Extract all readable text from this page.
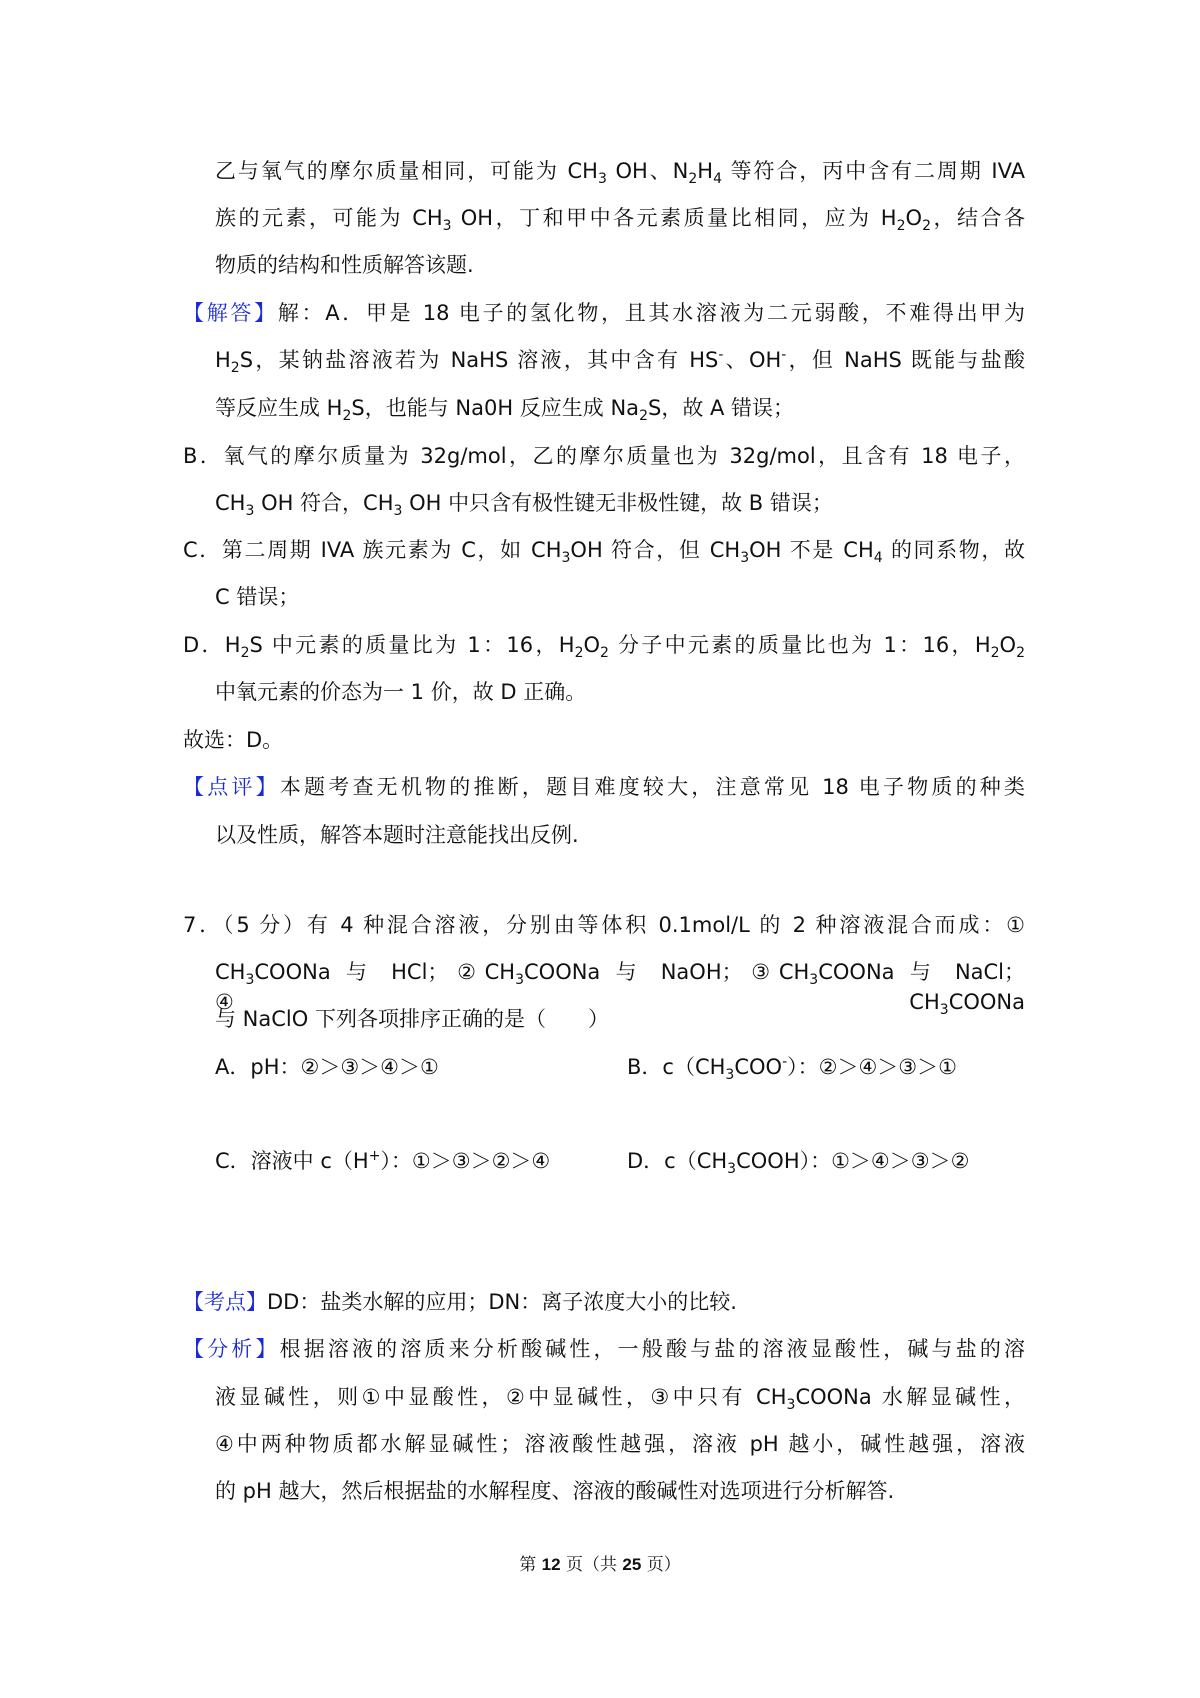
乙与氧气的摩尔质量相同，可能为 $CH_3$ OH、$N_2H_4$ 等符合，丙中含有二周期 IVA
族的元素，可能为 $CH_3$ OH，丁和甲中各元素质量比相同，应为 $H_2O_2$，结合各
物质的结构和性质解答该题.
【解答】解：A．甲是 18 电子的氢化物，且其水溶液为二元弱酸，不难得出甲为
$H_2S$，某钠盐溶液若为 NaHS 溶液，其中含有 HS-、OH-，但 NaHS 既能与盐酸
等反应生成 $H_2S$，也能与 Na0H 反应生成 $Na_2S$，故 A 错误；
B．氧气的摩尔质量为 32g/mol，乙的摩尔质量也为 32g/mol，且含有 18 电子，
$CH_3$ OH 符合，$CH_3$ OH 中只含有极性键无非极性键，故 B 错误；
C．第二周期 IVA 族元素为 C，如 $CH_3OH$ 符合，但 $CH_3OH$ 不是 $CH_4$ 的同系物，故
C 错误；
D．$H_2S$ 中元素的质量比为 1：16，$H_2O_2$ 分子中元素的质量比也为 1：16，$H_2O_2$
中氧元素的价态为一 1 价，故 D 正确。
故选：D。
【点评】本题考查无机物的推断，题目难度较大，注意常见 18 电子物质的种类
以及性质，解答本题时注意能找出反例.
7．（5 分）有 4 种混合溶液，分别由等体积 0.1mol/L 的 2 种溶液混合而成：①
$CH_3COONa$ 与 HCl；$②CH_3COONa$ 与 NaOH；$③CH_3COONa$ 与 NaCl；$④CH_3COONa$
与 NaClO 下列各项排序正确的是（　　）
A．pH：②＞③＞④＞①	B．$c(CH_3COO^-)$：②＞④＞③＞①
C．溶液中 c（H+）：①＞③＞②＞④	D．$c(CH_3COOH)$：①＞④＞③＞②
【考点】DD：盐类水解的应用；DN：离子浓度大小的比较.
【分析】根据溶液的溶质来分析酸碱性，一般酸与盐的溶液显酸性，碱与盐的溶
液显碱性，则①中显酸性，②中显碱性，③中只有 $CH_3COONa$ 水解显碱性，
④中两种物质都水解显碱性；溶液酸性越强，溶液 pH 越小，碱性越强，溶液
的 pH 越大，然后根据盐的水解程度、溶液的酸碱性对选项进行分析解答.
第 12 页（共 25 页）
